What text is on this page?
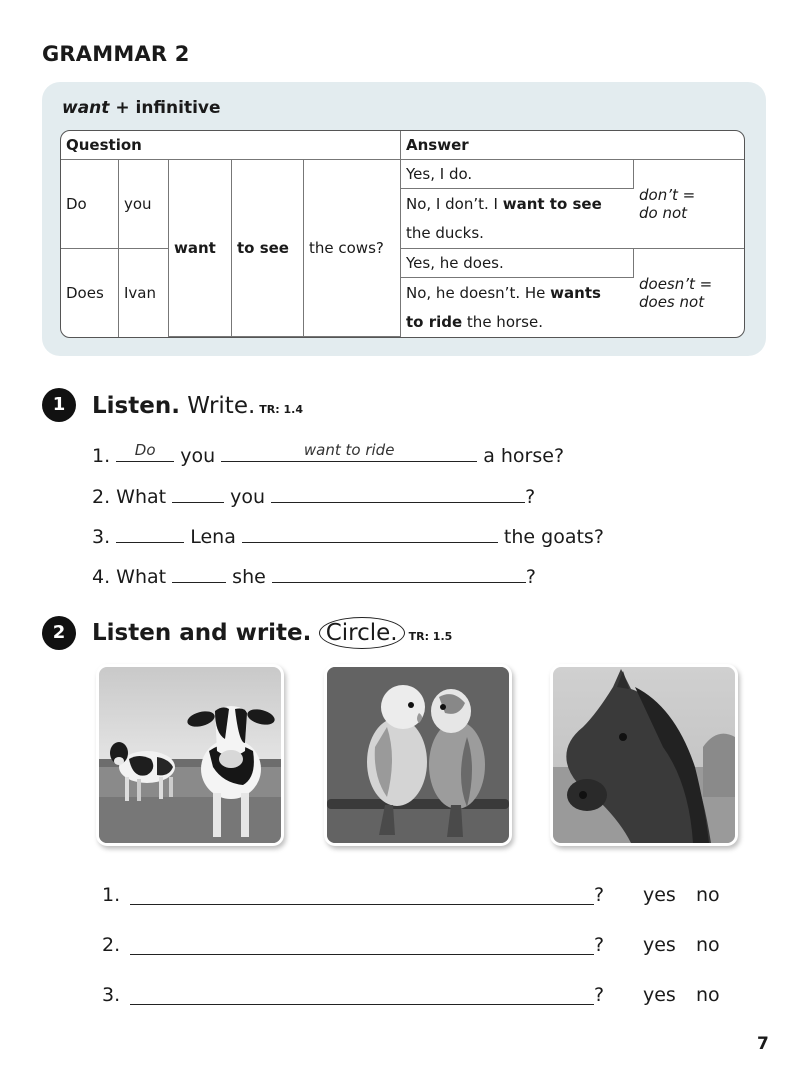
GRAMMAR 2
want + infinitive
Question					Answer	
Do	you	want	to see	the cows?	Yes, I do.	don’t =
do not
					No, I don’t. I want to see the ducks.	

Does	Ivan				Yes, he does.	doesn’t =
does not
					No, he doesn’t. He wants
to ride the horse.	

1	Listen. Write. TR: 1.4
1.	Do you	want to ride	a horse?
2. What	you	?
3.	Lena	the goats?
4. What	she	?
2	Listen and write. Circle. TR: 1.5
1.	? yes no
2.	? yes no
3.	? yes no
7
